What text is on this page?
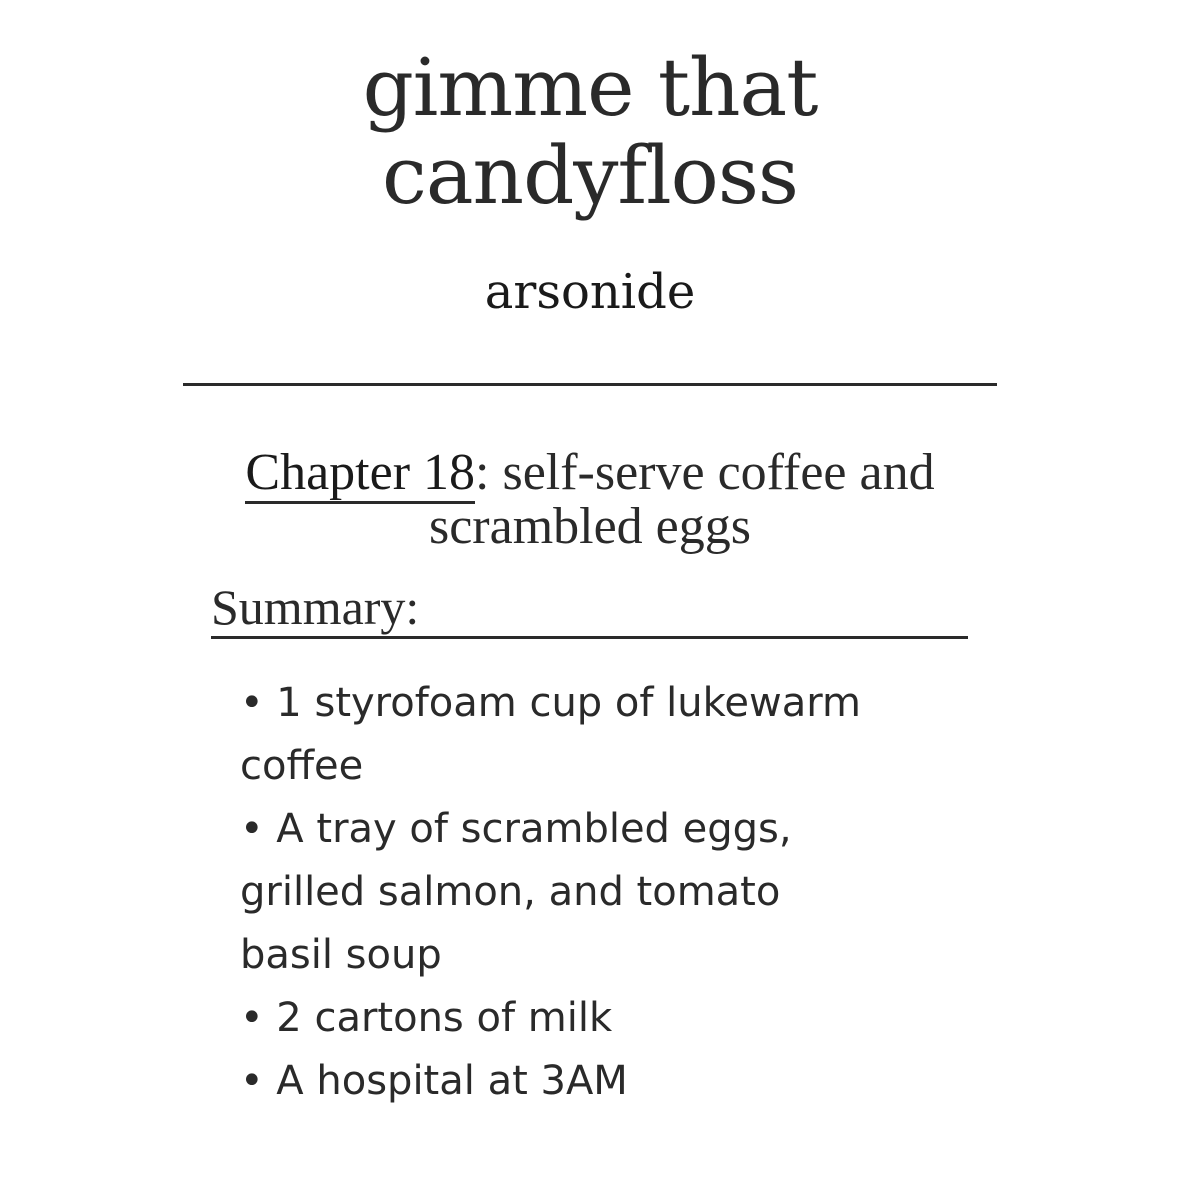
gimme that candyfloss
arsonide
Chapter 18: self-serve coffee and scrambled eggs
Summary:
• 1 styrofoam cup of lukewarm
coffee
• A tray of scrambled eggs,
grilled salmon, and tomato
basil soup
• 2 cartons of milk
• A hospital at 3AM
